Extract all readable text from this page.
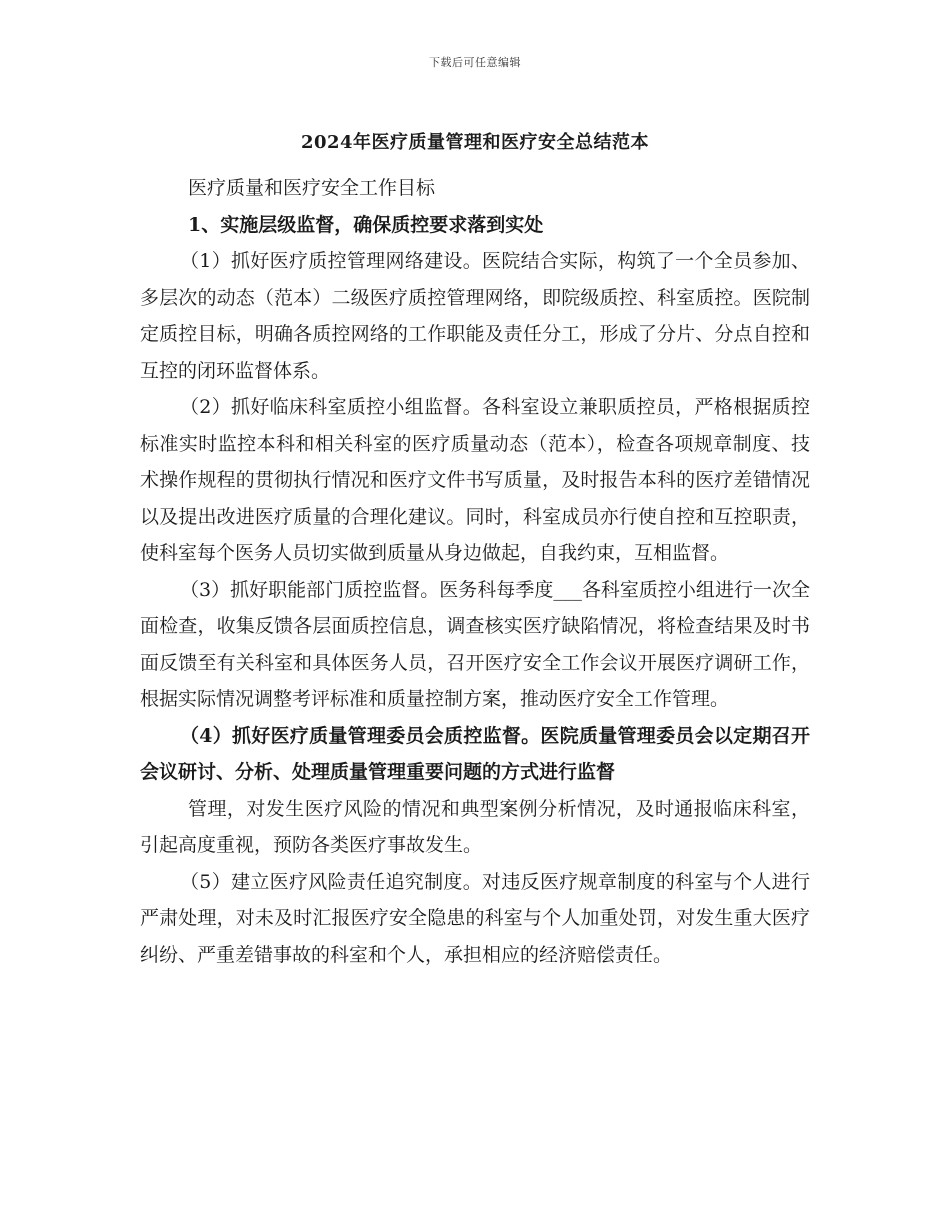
下载后可任意编辑
2024年医疗质量管理和医疗安全总结范本

医疗质量和医疗安全工作目标

1、实施层级监督，确保质控要求落到实处

（1）抓好医疗质控管理网络建设。医院结合实际，构筑了一个全员参加、多层次的动态（范本）二级医疗质控管理网络，即院级质控、科室质控。医院制定质控目标，明确各质控网络的工作职能及责任分工，形成了分片、分点自控和互控的闭环监督体系。

（2）抓好临床科室质控小组监督。各科室设立兼职质控员，严格根据质控标准实时监控本科和相关科室的医疗质量动态（范本），检查各项规章制度、技术操作规程的贯彻执行情况和医疗文件书写质量，及时报告本科的医疗差错情况以及提出改进医疗质量的合理化建议。同时，科室成员亦行使自控和互控职责，使科室每个医务人员切实做到质量从身边做起，自我约束，互相监督。

（3）抓好职能部门质控监督。医务科每季度___各科室质控小组进行一次全面检查，收集反馈各层面质控信息，调查核实医疗缺陷情况，将检查结果及时书面反馈至有关科室和具体医务人员，召开医疗安全工作会议开展医疗调研工作，根据实际情况调整考评标准和质量控制方案，推动医疗安全工作管理。

（4）抓好医疗质量管理委员会质控监督。医院质量管理委员会以定期召开会议研讨、分析、处理质量管理重要问题的方式进行监督

管理，对发生医疗风险的情况和典型案例分析情况，及时通报临床科室，引起高度重视，预防各类医疗事故发生。

（5）建立医疗风险责任追究制度。对违反医疗规章制度的科室与个人进行严肃处理，对未及时汇报医疗安全隐患的科室与个人加重处罚，对发生重大医疗纠纷、严重差错事故的科室和个人，承担相应的经济赔偿责任。
